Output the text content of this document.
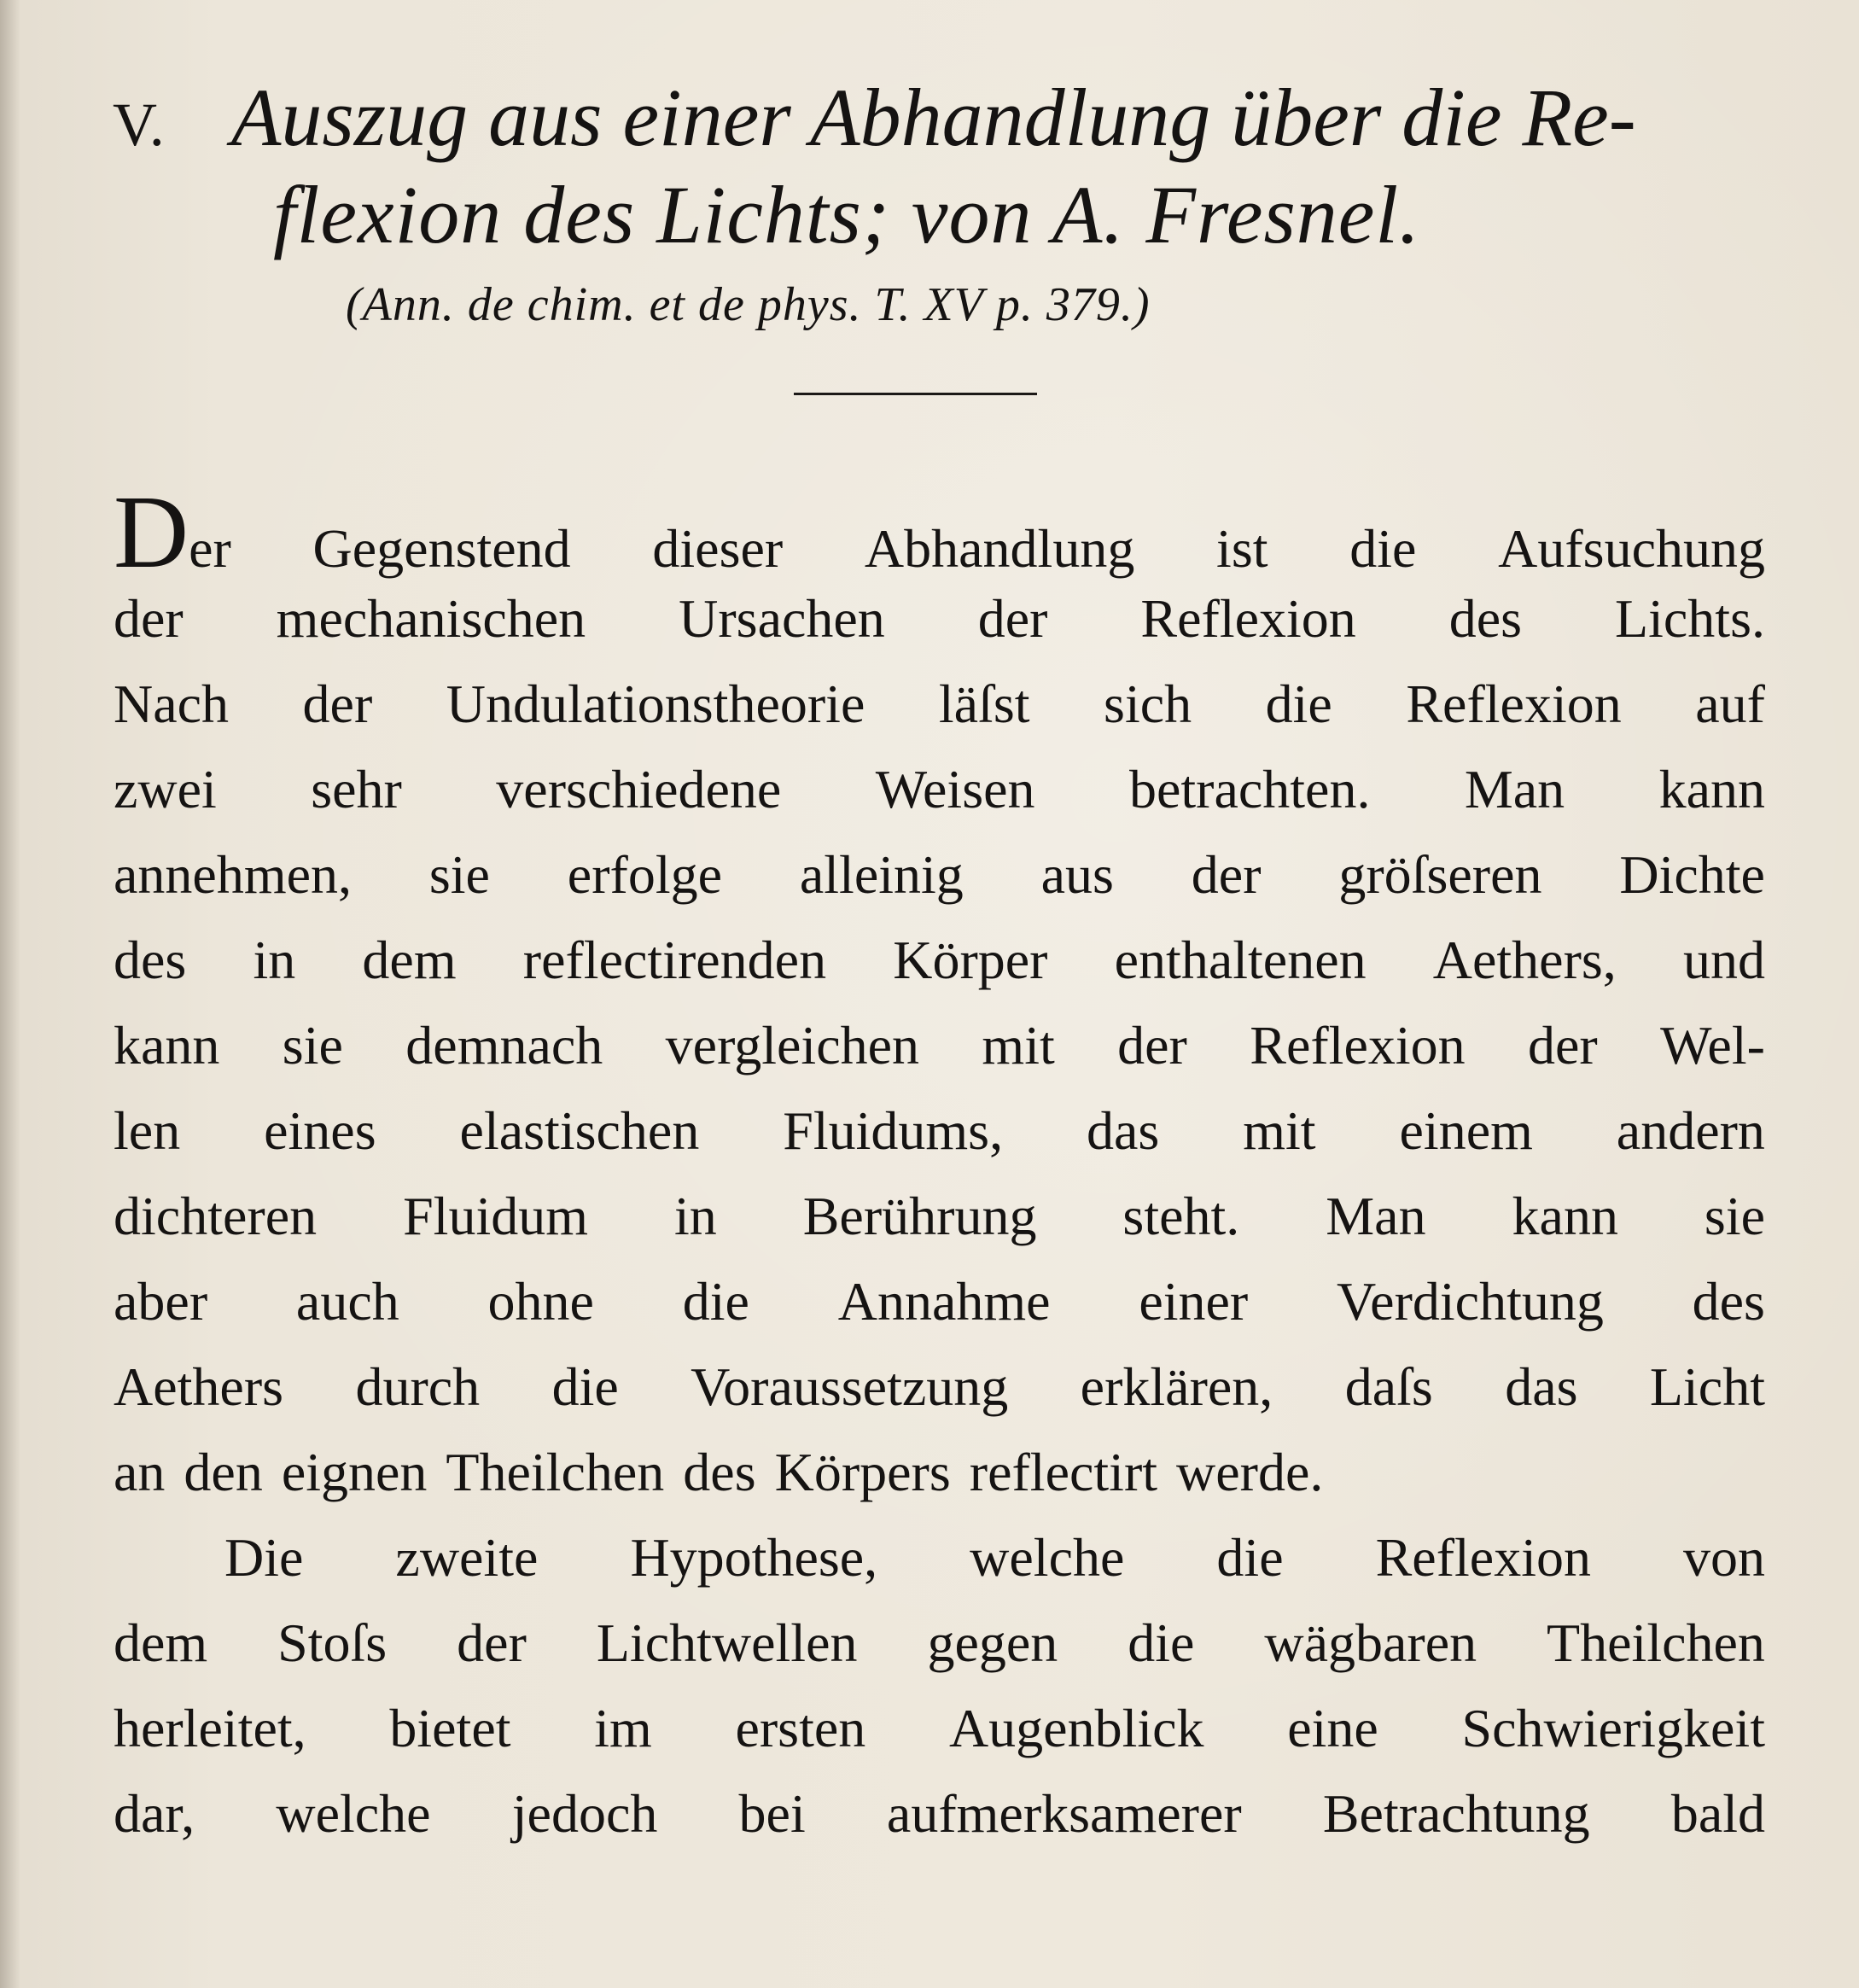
V. Auszug aus einer Abhandlung über die Re-
flexion des Lichts; von A. Fresnel.
(Ann. de chim. et de phys. T. XV p. 379.)
Der Gegenstend dieser Abhandlung ist die Aufsuchung
der mechanischen Ursachen der Reflexion des Lichts.
Nach der Undulationstheorie läſst sich die Reflexion auf
zwei sehr verschiedene Weisen betrachten. Man kann
annehmen, sie erfolge alleinig aus der gröſseren Dichte
des in dem reflectirenden Körper enthaltenen Aethers, und
kann sie demnach vergleichen mit der Reflexion der Wel-
len eines elastischen Fluidums, das mit einem andern
dichteren Fluidum in Berührung steht. Man kann sie
aber auch ohne die Annahme einer Verdichtung des
Aethers durch die Voraussetzung erklären, daſs das Licht
an den eignen Theilchen des Körpers reflectirt werde.
Die zweite Hypothese, welche die Reflexion von
dem Stoſs der Lichtwellen gegen die wägbaren Theilchen
herleitet, bietet im ersten Augenblick eine Schwierigkeit
dar, welche jedoch bei aufmerksamerer Betrachtung bald
